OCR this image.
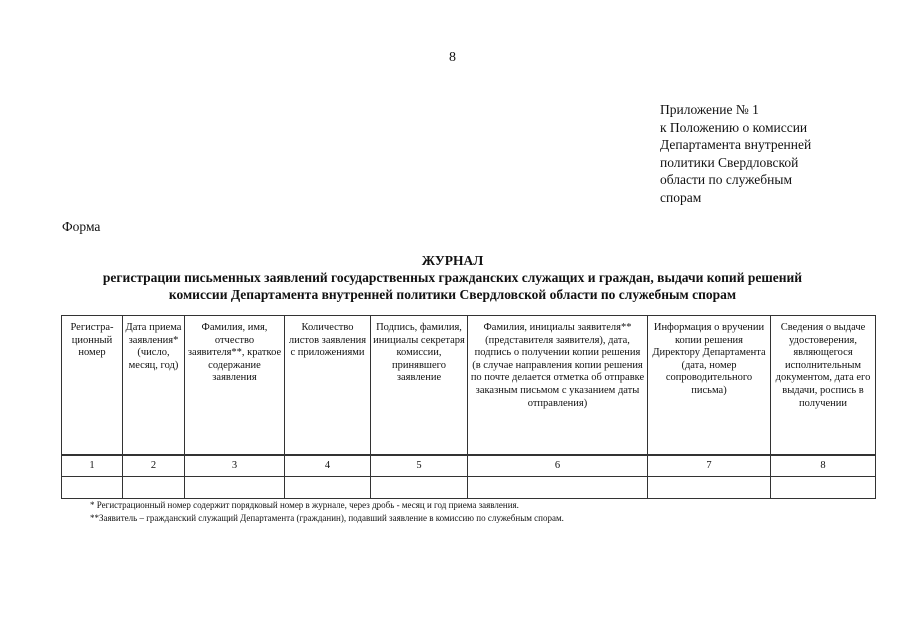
8
Приложение № 1
к Положению о комиссии
Департамента внутренней
политики Свердловской
области по служебным
спорам
Форма
ЖУРНАЛ
регистрации письменных заявлений государственных гражданских служащих и граждан, выдачи копий решений
комиссии Департамента внутренней политики Свердловской области по служебным спорам
Регистра-ционный номер	Дата приема заявления* (число, месяц, год)	Фамилия, имя, отчество заявителя**, краткое содержание заявления	Количество листов заявления с приложениями	Подпись, фамилия, инициалы секретаря комиссии, принявшего заявление	Фамилия, инициалы заявителя** (представителя заявителя), дата, подпись о получении копии решения (в случае направления копии решения по почте делается отметка об отправке заказным письмом с указанием даты отправления)	Информация о вручении копии решения Директору Департамента (дата, номер сопроводительного письма)	Сведения о выдаче удостоверения, являющегося исполнительным документом, дата его выдачи, роспись в получении
1	2	3	4	5	6	7	8

* Регистрационный номер содержит порядковый номер в журнале, через дробь - месяц и год приема заявления.
**Заявитель – гражданский служащий Департамента (гражданин), подавший заявление в комиссию по служебным спорам.
